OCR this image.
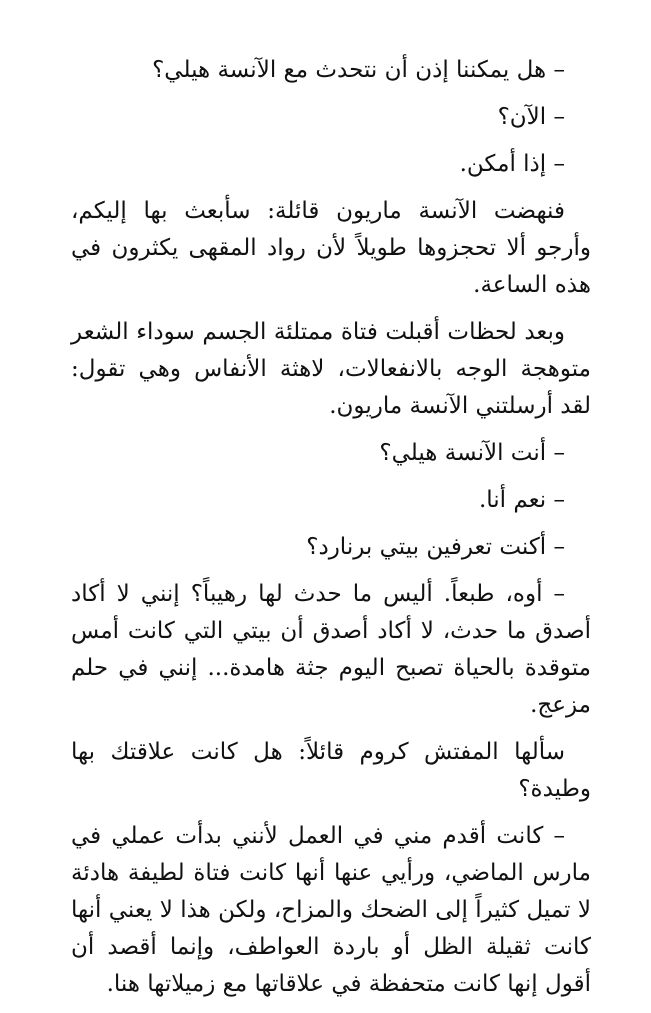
– هل يمكننا إذن أن نتحدث مع الآنسة هيلي؟

– الآن؟

– إذا أمكن.

فنهضت الآنسة ماريون قائلة: سأبعث بها إليكم، وأرجو ألا تحجزوها طويلاً لأن رواد المقهى يكثرون في هذه الساعة.

وبعد لحظات أقبلت فتاة ممتلئة الجسم سوداء الشعر متوهجة الوجه بالانفعالات، لاهثة الأنفاس وهي تقول: لقد أرسلتني الآنسة ماريون.

– أنت الآنسة هيلي؟

– نعم أنا.

– أكنت تعرفين بيتي برنارد؟

– أوه، طبعاً. أليس ما حدث لها رهيباً؟ إنني لا أكاد أصدق ما حدث، لا أكاد أصدق أن بيتي التي كانت أمس متوقدة بالحياة تصبح اليوم جثة هامدة... إنني في حلم مزعج.

سألها المفتش كروم قائلاً: هل كانت علاقتك بها وطيدة؟

– كانت أقدم مني في العمل لأنني بدأت عملي في مارس الماضي، ورأيي عنها أنها كانت فتاة لطيفة هادئة لا تميل كثيراً إلى الضحك والمزاح، ولكن هذا لا يعني أنها كانت ثقيلة الظل أو باردة العواطف، وإنما أقصد أن أقول إنها كانت متحفظة في علاقاتها مع زميلاتها هنا.
